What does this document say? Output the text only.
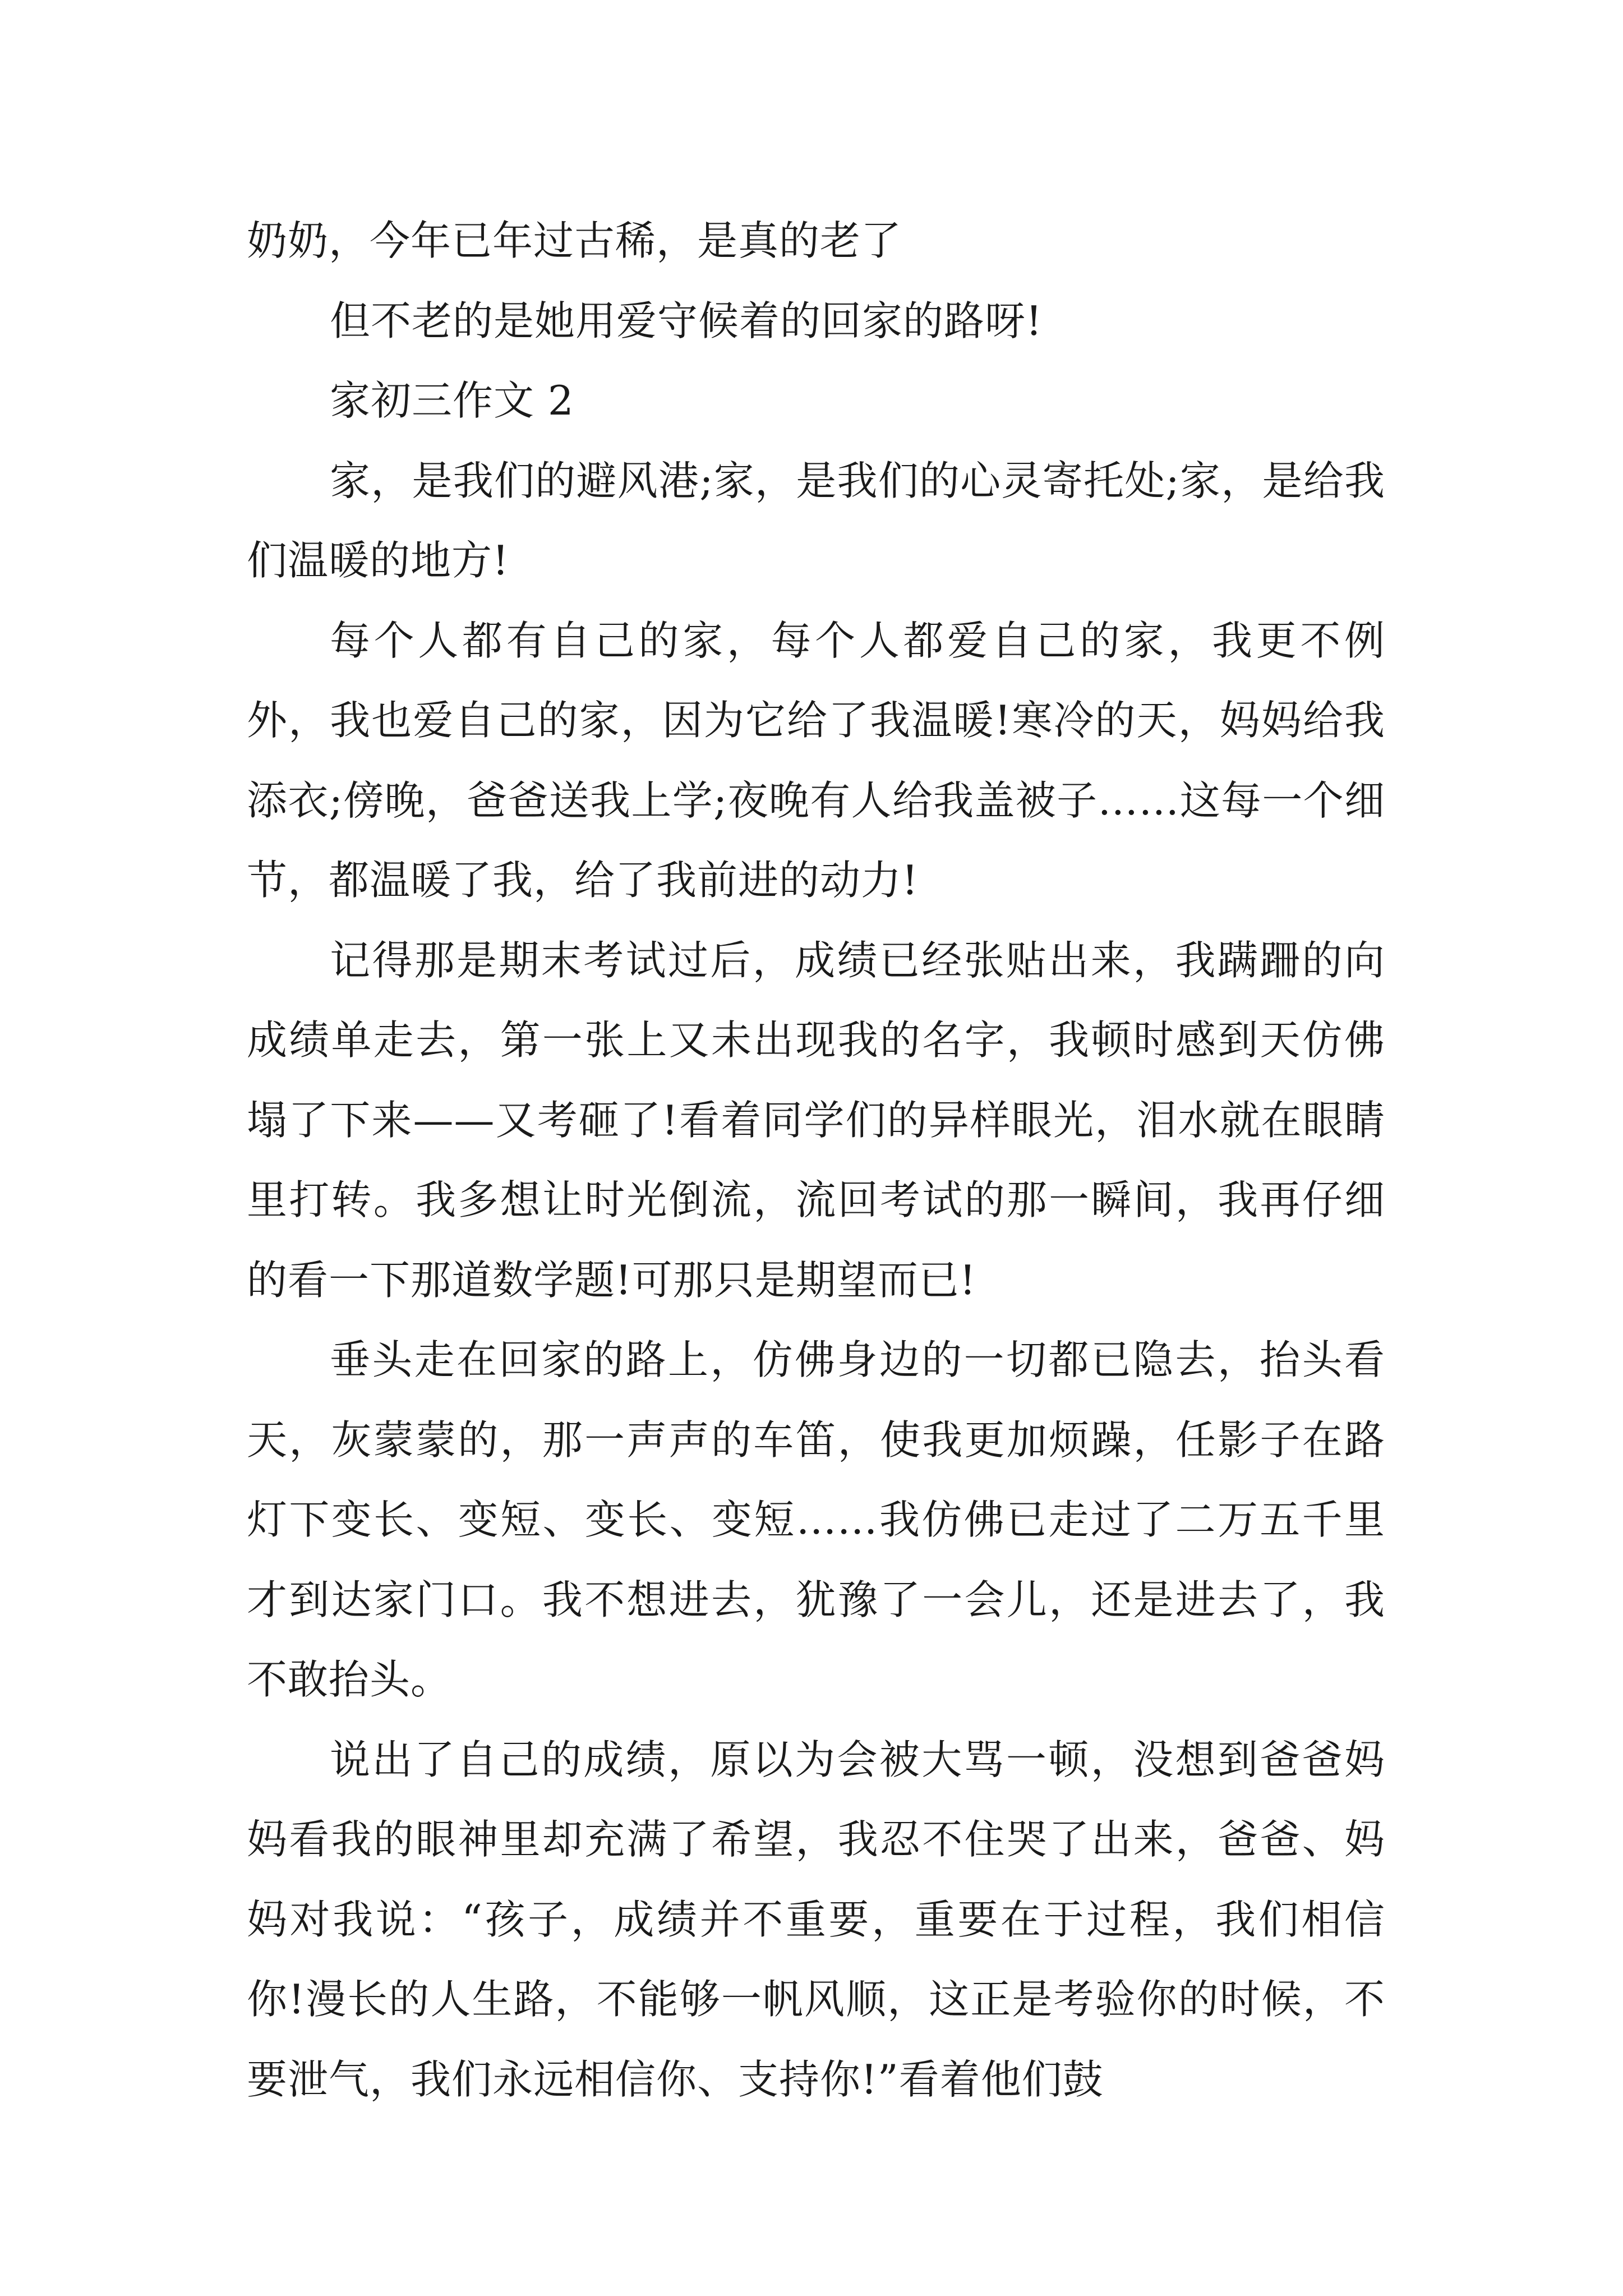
奶奶，今年已年过古稀，是真的老了

但不老的是她用爱守候着的回家的路呀!

家初三作文 2

家，是我们的避风港;家，是我们的心灵寄托处;家，是给我们温暖的地方!

每个人都有自己的家，每个人都爱自己的家，我更不例外，我也爱自己的家，因为它给了我温暖!寒冷的天，妈妈给我添衣;傍晚，爸爸送我上学;夜晚有人给我盖被子……这每一个细节，都温暖了我，给了我前进的动力!

记得那是期末考试过后，成绩已经张贴出来，我蹒跚的向成绩单走去，第一张上又未出现我的名字，我顿时感到天仿佛塌了下来——又考砸了!看着同学们的异样眼光，泪水就在眼睛里打转。我多想让时光倒流，流回考试的那一瞬间，我再仔细的看一下那道数学题!可那只是期望而已!

垂头走在回家的路上，仿佛身边的一切都已隐去，抬头看天，灰蒙蒙的，那一声声的车笛，使我更加烦躁，任影子在路灯下变长、变短、变长、变短……我仿佛已走过了二万五千里才到达家门口。我不想进去，犹豫了一会儿，还是进去了，我不敢抬头。

说出了自己的成绩，原以为会被大骂一顿，没想到爸爸妈妈看我的眼神里却充满了希望，我忍不住哭了出来，爸爸、妈妈对我说：“孩子，成绩并不重要，重要在于过程，我们相信你!漫长的人生路，不能够一帆风顺，这正是考验你的时候，不要泄气，我们永远相信你、支持你!”看着他们鼓
